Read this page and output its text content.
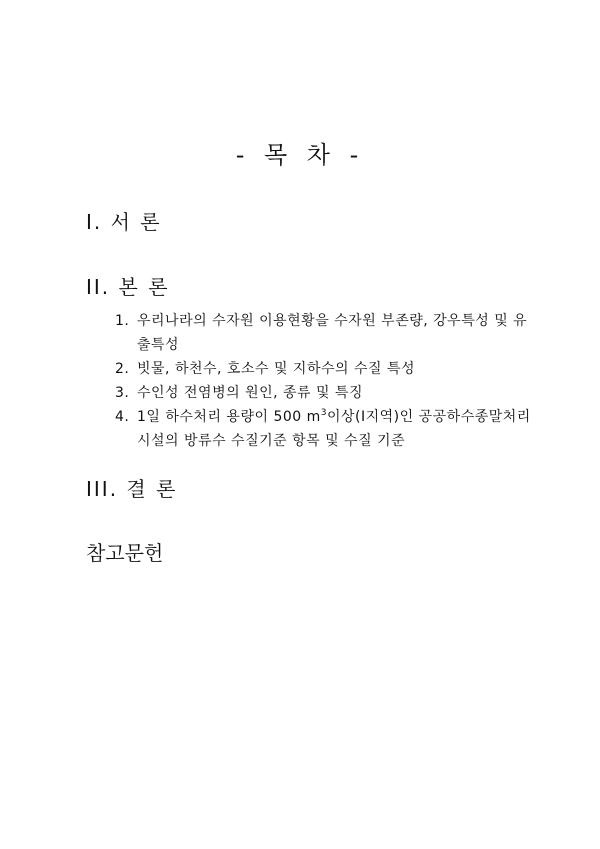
- 목 차 -
I. 서 론
II. 본 론
1. 우리나라의 수자원 이용현황을 수자원 부존량, 강우특성 및 유출특성
2. 빗물, 하천수, 호소수 및 지하수의 수질 특성
3. 수인성 전염병의 원인, 종류 및 특징
4. 1일 하수처리 용량이 500 $m^3$이상(Ⅰ지역)인 공공하수종말처리시설의 방류수 수질기준 항목 및 수질 기준
III. 결 론
참고문헌
